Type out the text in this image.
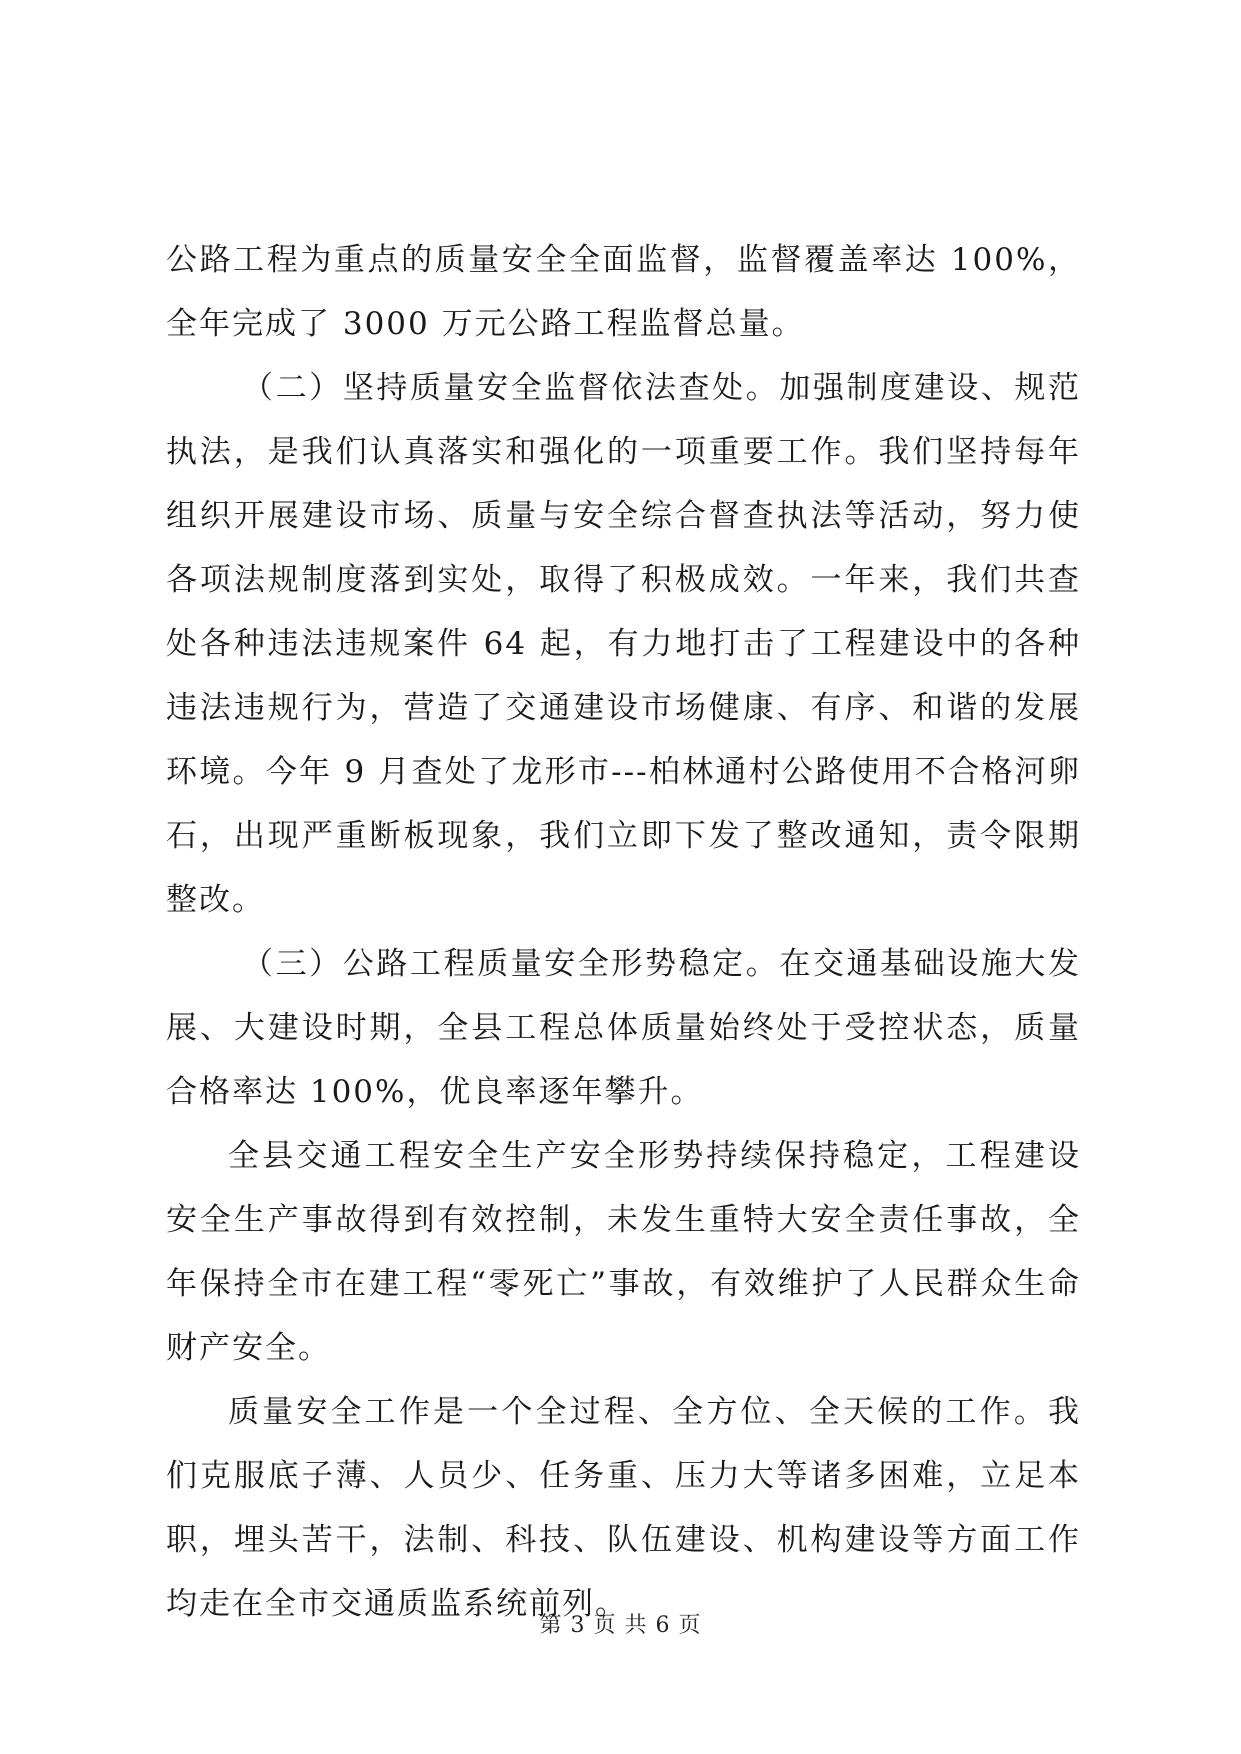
公路工程为重点的质量安全全面监督，监督覆盖率达 100%，全年完成了 3000 万元公路工程监督总量。

（二）坚持质量安全监督依法查处。加强制度建设、规范执法，是我们认真落实和强化的一项重要工作。我们坚持每年组织开展建设市场、质量与安全综合督查执法等活动，努力使各项法规制度落到实处，取得了积极成效。一年来，我们共查处各种违法违规案件 64 起，有力地打击了工程建设中的各种违法违规行为，营造了交通建设市场健康、有序、和谐的发展环境。今年 9 月查处了龙形市---柏林通村公路使用不合格河卵石，出现严重断板现象，我们立即下发了整改通知，责令限期整改。

（三）公路工程质量安全形势稳定。在交通基础设施大发展、大建设时期，全县工程总体质量始终处于受控状态，质量合格率达 100%，优良率逐年攀升。

全县交通工程安全生产安全形势持续保持稳定，工程建设安全生产事故得到有效控制，未发生重特大安全责任事故，全年保持全市在建工程“零死亡”事故，有效维护了人民群众生命财产安全。

质量安全工作是一个全过程、全方位、全天候的工作。我们克服底子薄、人员少、任务重、压力大等诸多困难，立足本职，埋头苦干，法制、科技、队伍建设、机构建设等方面工作均走在全市交通质监系统前列。

第 3 页 共 6 页
